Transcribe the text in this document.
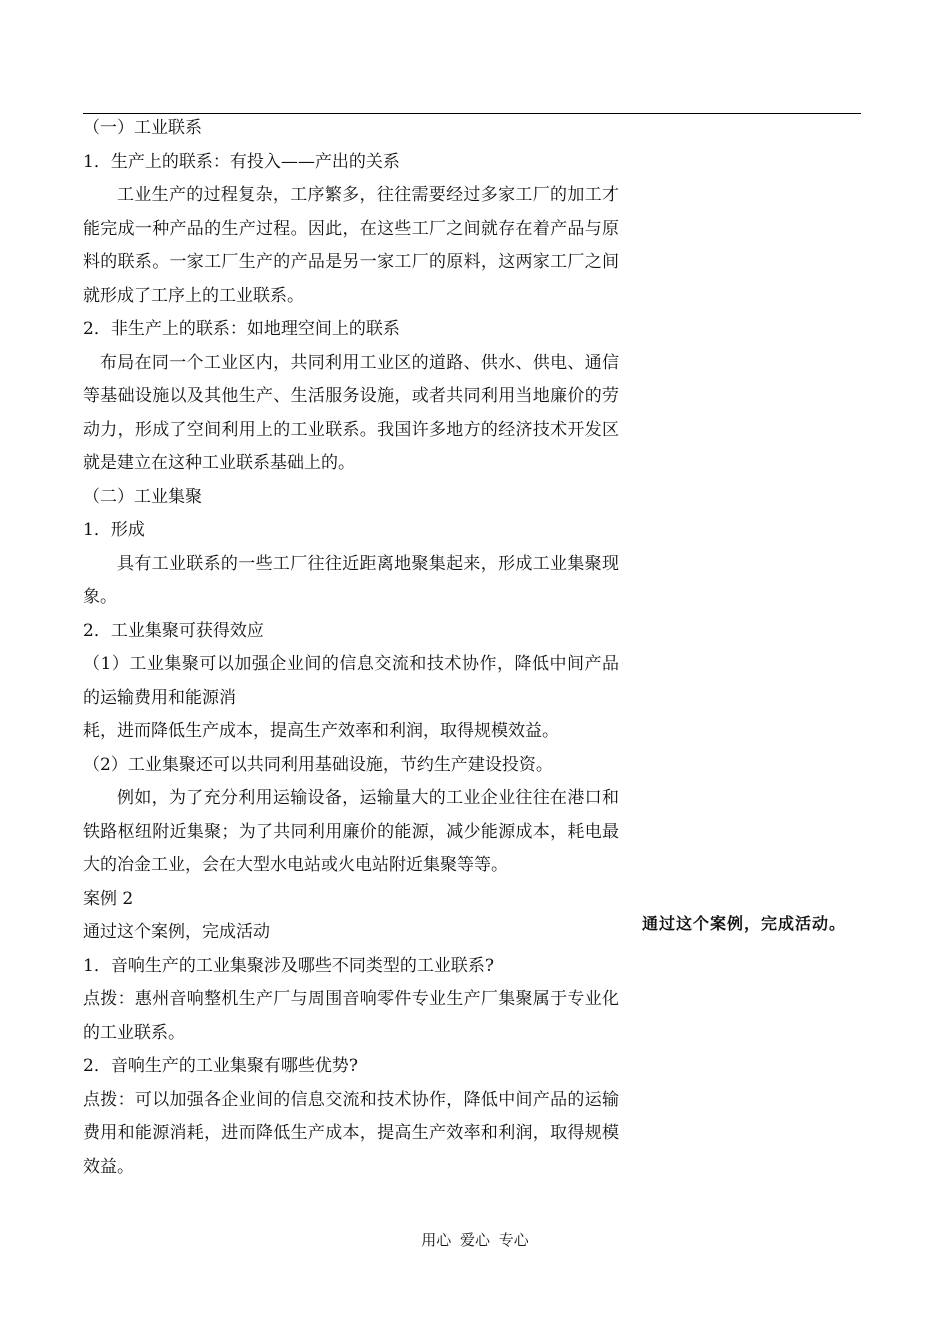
（一）工业联系

1．生产上的联系：有投入——产出的关系

工业生产的过程复杂，工序繁多，往往需要经过多家工厂的加工才能完成一种产品的生产过程。因此，在这些工厂之间就存在着产品与原料的联系。一家工厂生产的产品是另一家工厂的原料，这两家工厂之间就形成了工序上的工业联系。

2．非生产上的联系：如地理空间上的联系

布局在同一个工业区内，共同利用工业区的道路、供水、供电、通信等基础设施以及其他生产、生活服务设施，或者共同利用当地廉价的劳动力，形成了空间利用上的工业联系。我国许多地方的经济技术开发区就是建立在这种工业联系基础上的。

（二）工业集聚

1．形成

具有工业联系的一些工厂往往近距离地聚集起来，形成工业集聚现象。

2．工业集聚可获得效应

（1）工业集聚可以加强企业间的信息交流和技术协作，降低中间产品的运输费用和能源消

耗，进而降低生产成本，提高生产效率和利润，取得规模效益。

（2）工业集聚还可以共同利用基础设施，节约生产建设投资。

例如，为了充分利用运输设备，运输量大的工业企业往往在港口和铁路枢纽附近集聚；为了共同利用廉价的能源，减少能源成本，耗电最大的冶金工业，会在大型水电站或火电站附近集聚等等。

案例 2

通过这个案例，完成活动

1．音响生产的工业集聚涉及哪些不同类型的工业联系?

点拨：惠州音响整机生产厂与周围音响零件专业生产厂集聚属于专业化的工业联系。

2．音响生产的工业集聚有哪些优势?

点拨：可以加强各企业间的信息交流和技术协作，降低中间产品的运输费用和能源消耗，进而降低生产成本，提高生产效率和利润，取得规模效益。

通过这个案例，完成活动。
用心 爱心 专心
